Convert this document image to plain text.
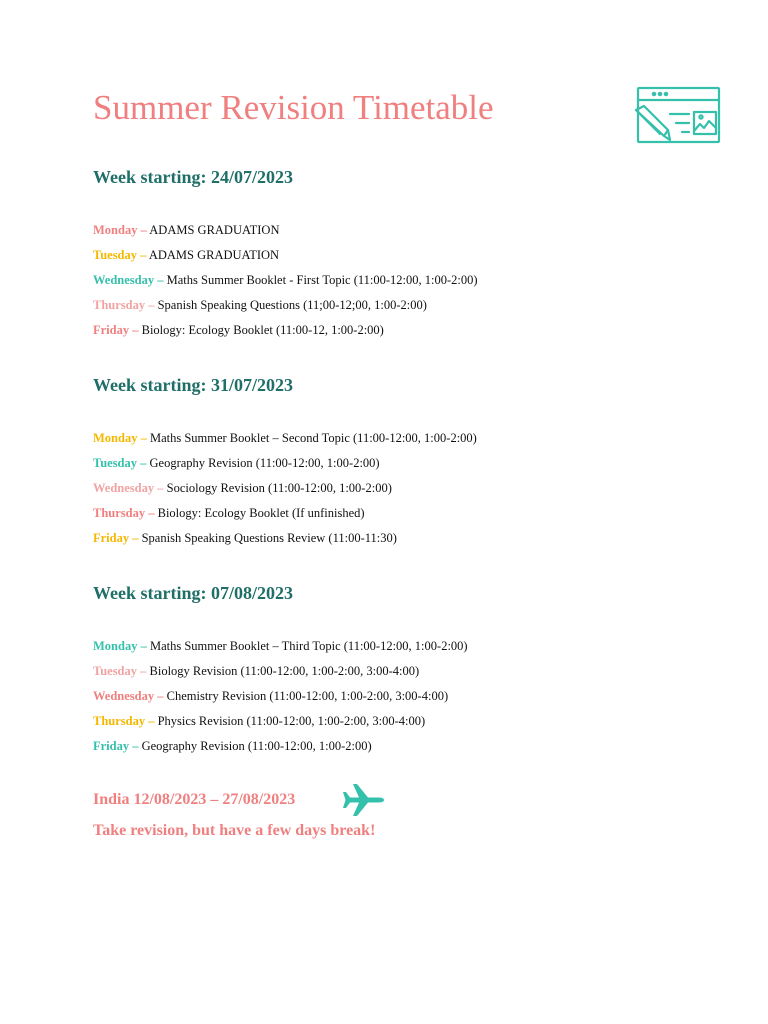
Summer Revision Timetable
Week starting: 24/07/2023
Monday – ADAMS GRADUATION
Tuesday – ADAMS GRADUATION
Wednesday – Maths Summer Booklet - First Topic (11:00-12:00, 1:00-2:00)
Thursday – Spanish Speaking Questions (11;00-12;00, 1:00-2:00)
Friday – Biology: Ecology Booklet (11:00-12, 1:00-2:00)
Week starting: 31/07/2023
Monday – Maths Summer Booklet – Second Topic (11:00-12:00, 1:00-2:00)
Tuesday – Geography Revision (11:00-12:00, 1:00-2:00)
Wednesday – Sociology Revision (11:00-12:00, 1:00-2:00)
Thursday – Biology: Ecology Booklet (If unfinished)
Friday – Spanish Speaking Questions Review (11:00-11:30)
Week starting: 07/08/2023
Monday – Maths Summer Booklet – Third Topic (11:00-12:00, 1:00-2:00)
Tuesday – Biology Revision (11:00-12:00, 1:00-2:00, 3:00-4:00)
Wednesday – Chemistry Revision (11:00-12:00, 1:00-2:00, 3:00-4:00)
Thursday – Physics Revision (11:00-12:00, 1:00-2:00, 3:00-4:00)
Friday – Geography Revision (11:00-12:00, 1:00-2:00)
India 12/08/2023 – 27/08/2023
Take revision, but have a few days break!
